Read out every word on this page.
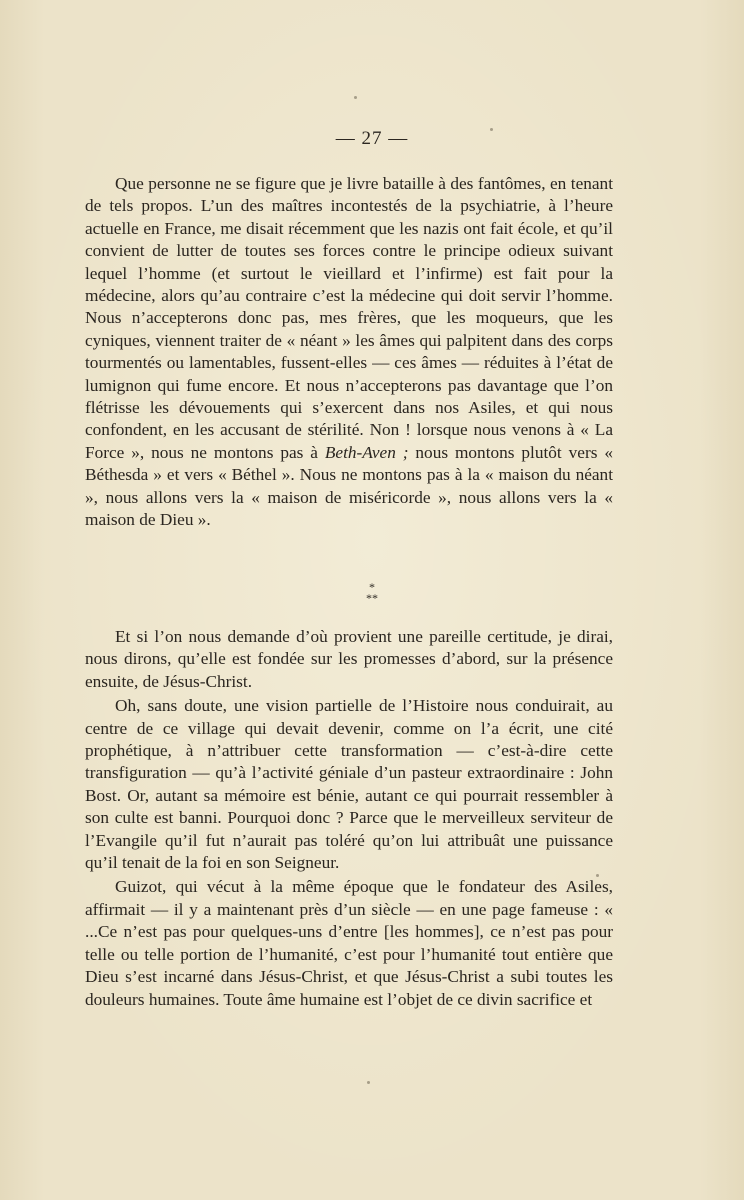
— 27 —

Que personne ne se figure que je livre bataille à des fantômes, en tenant de tels propos. L’un des maîtres incontestés de la psychiatrie, à l’heure actuelle en France, me disait récemment que les nazis ont fait école, et qu’il convient de lutter de toutes ses forces contre le principe odieux suivant lequel l’homme (et surtout le vieillard et l’infirme) est fait pour la médecine, alors qu’au contraire c’est la médecine qui doit servir l’homme. Nous n’accepterons donc pas, mes frères, que les moqueurs, que les cyniques, viennent traiter de « néant » les âmes qui palpitent dans des corps tourmentés ou lamentables, fussent-elles — ces âmes — réduites à l’état de lumignon qui fume encore. Et nous n’accepterons pas davantage que l’on flétrisse les dévouements qui s’exercent dans nos Asiles, et qui nous confondent, en les accusant de stérilité. Non ! lorsque nous venons à « La Force », nous ne montons pas à Beth-Aven ; nous montons plutôt vers « Béthesda » et vers « Béthel ». Nous ne montons pas à la « maison du néant », nous allons vers la « maison de miséricorde », nous allons vers la « maison de Dieu ».

*
**

Et si l’on nous demande d’où provient une pareille certitude, je dirai, nous dirons, qu’elle est fondée sur les promesses d’abord, sur la présence ensuite, de Jésus-Christ.

Oh, sans doute, une vision partielle de l’Histoire nous conduirait, au centre de ce village qui devait devenir, comme on l’a écrit, une cité prophétique, à n’attribuer cette transformation — c’est-à-dire cette transfiguration — qu’à l’activité géniale d’un pasteur extraordinaire : John Bost. Or, autant sa mémoire est bénie, autant ce qui pourrait ressembler à son culte est banni. Pourquoi donc ? Parce que le merveilleux serviteur de l’Evangile qu’il fut n’aurait pas toléré qu’on lui attribuât une puissance qu’il tenait de la foi en son Seigneur.

Guizot, qui vécut à la même époque que le fondateur des Asiles, affirmait — il y a maintenant près d’un siècle — en une page fameuse : « ...Ce n’est pas pour quelques-uns d’entre [les hommes], ce n’est pas pour telle ou telle portion de l’humanité, c’est pour l’humanité tout entière que Dieu s’est incarné dans Jésus-Christ, et que Jésus-Christ a subi toutes les douleurs humaines. Toute âme humaine est l’objet de ce divin sacrifice et
